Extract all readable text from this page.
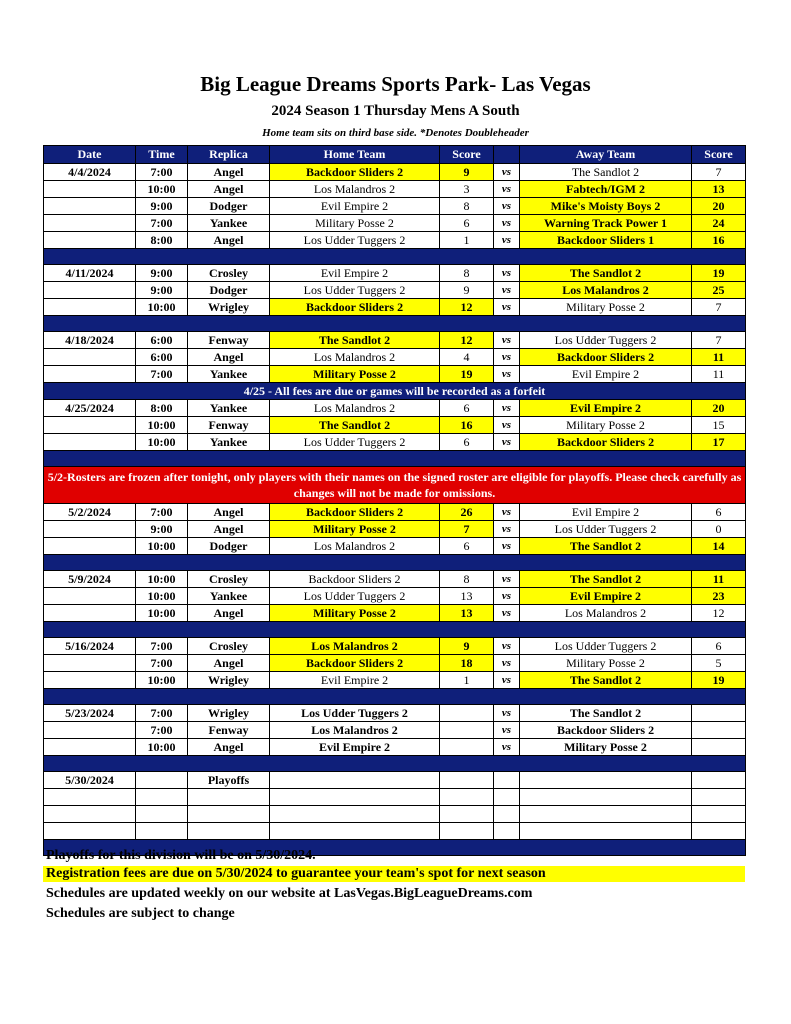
Big League Dreams Sports Park- Las Vegas
2024 Season 1 Thursday Mens A South
Home team sits on third base side. *Denotes Doubleheader
Date	Time	Replica	Home Team	Score		Away Team	Score
4/4/2024	7:00	Angel	Backdoor Sliders 2	9	vs	The Sandlot 2	7
	10:00	Angel	Los Malandros 2	3	vs	Fabtech/IGM 2	13
	9:00	Dodger	Evil Empire 2	8	vs	Mike's Moisty Boys 2	20
	7:00	Yankee	Military Posse 2	6	vs	Warning Track Power 1	24
	8:00	Angel	Los Udder Tuggers 2	1	vs	Backdoor Sliders 1	16

4/11/2024	9:00	Crosley	Evil Empire 2	8	vs	The Sandlot 2	19
	9:00	Dodger	Los Udder Tuggers 2	9	vs	Los Malandros 2	25
	10:00	Wrigley	Backdoor Sliders 2	12	vs	Military Posse 2	7

4/18/2024	6:00	Fenway	The Sandlot 2	12	vs	Los Udder Tuggers 2	7
	6:00	Angel	Los Malandros 2	4	vs	Backdoor Sliders 2	11
	7:00	Yankee	Military Posse 2	19	vs	Evil Empire 2	11
4/25 - All fees are due or games will be recorded as a forfeit							
4/25/2024	8:00	Yankee	Los Malandros 2	6	vs	Evil Empire 2	20
	10:00	Fenway	The Sandlot 2	16	vs	Military Posse 2	15
	10:00	Yankee	Los Udder Tuggers 2	6	vs	Backdoor Sliders 2	17

5/2-Rosters are frozen after tonight, only players with their names on the signed roster are eligible for playoffs. Please check carefully as changes will not be made for omissions.							
5/2/2024	7:00	Angel	Backdoor Sliders 2	26	vs	Evil Empire 2	6
	9:00	Angel	Military Posse 2	7	vs	Los Udder Tuggers 2	0
	10:00	Dodger	Los Malandros 2	6	vs	The Sandlot 2	14

5/9/2024	10:00	Crosley	Backdoor Sliders 2	8	vs	The Sandlot 2	11
	10:00	Yankee	Los Udder Tuggers 2	13	vs	Evil Empire 2	23
	10:00	Angel	Military Posse 2	13	vs	Los Malandros 2	12

5/16/2024	7:00	Crosley	Los Malandros 2	9	vs	Los Udder Tuggers 2	6
	7:00	Angel	Backdoor Sliders 2	18	vs	Military Posse 2	5
	10:00	Wrigley	Evil Empire 2	1	vs	The Sandlot 2	19

5/23/2024	7:00	Wrigley	Los Udder Tuggers 2		vs	The Sandlot 2	
	7:00	Fenway	Los Malandros 2		vs	Backdoor Sliders 2	
	10:00	Angel	Evil Empire 2		vs	Military Posse 2	

5/30/2024		Playoffs					

Playoffs for this division will be on 5/30/2024.
Registration fees are due on 5/30/2024 to guarantee your team's spot for next season
Schedules are updated weekly on our website at LasVegas.BigLeagueDreams.com
Schedules are subject to change
